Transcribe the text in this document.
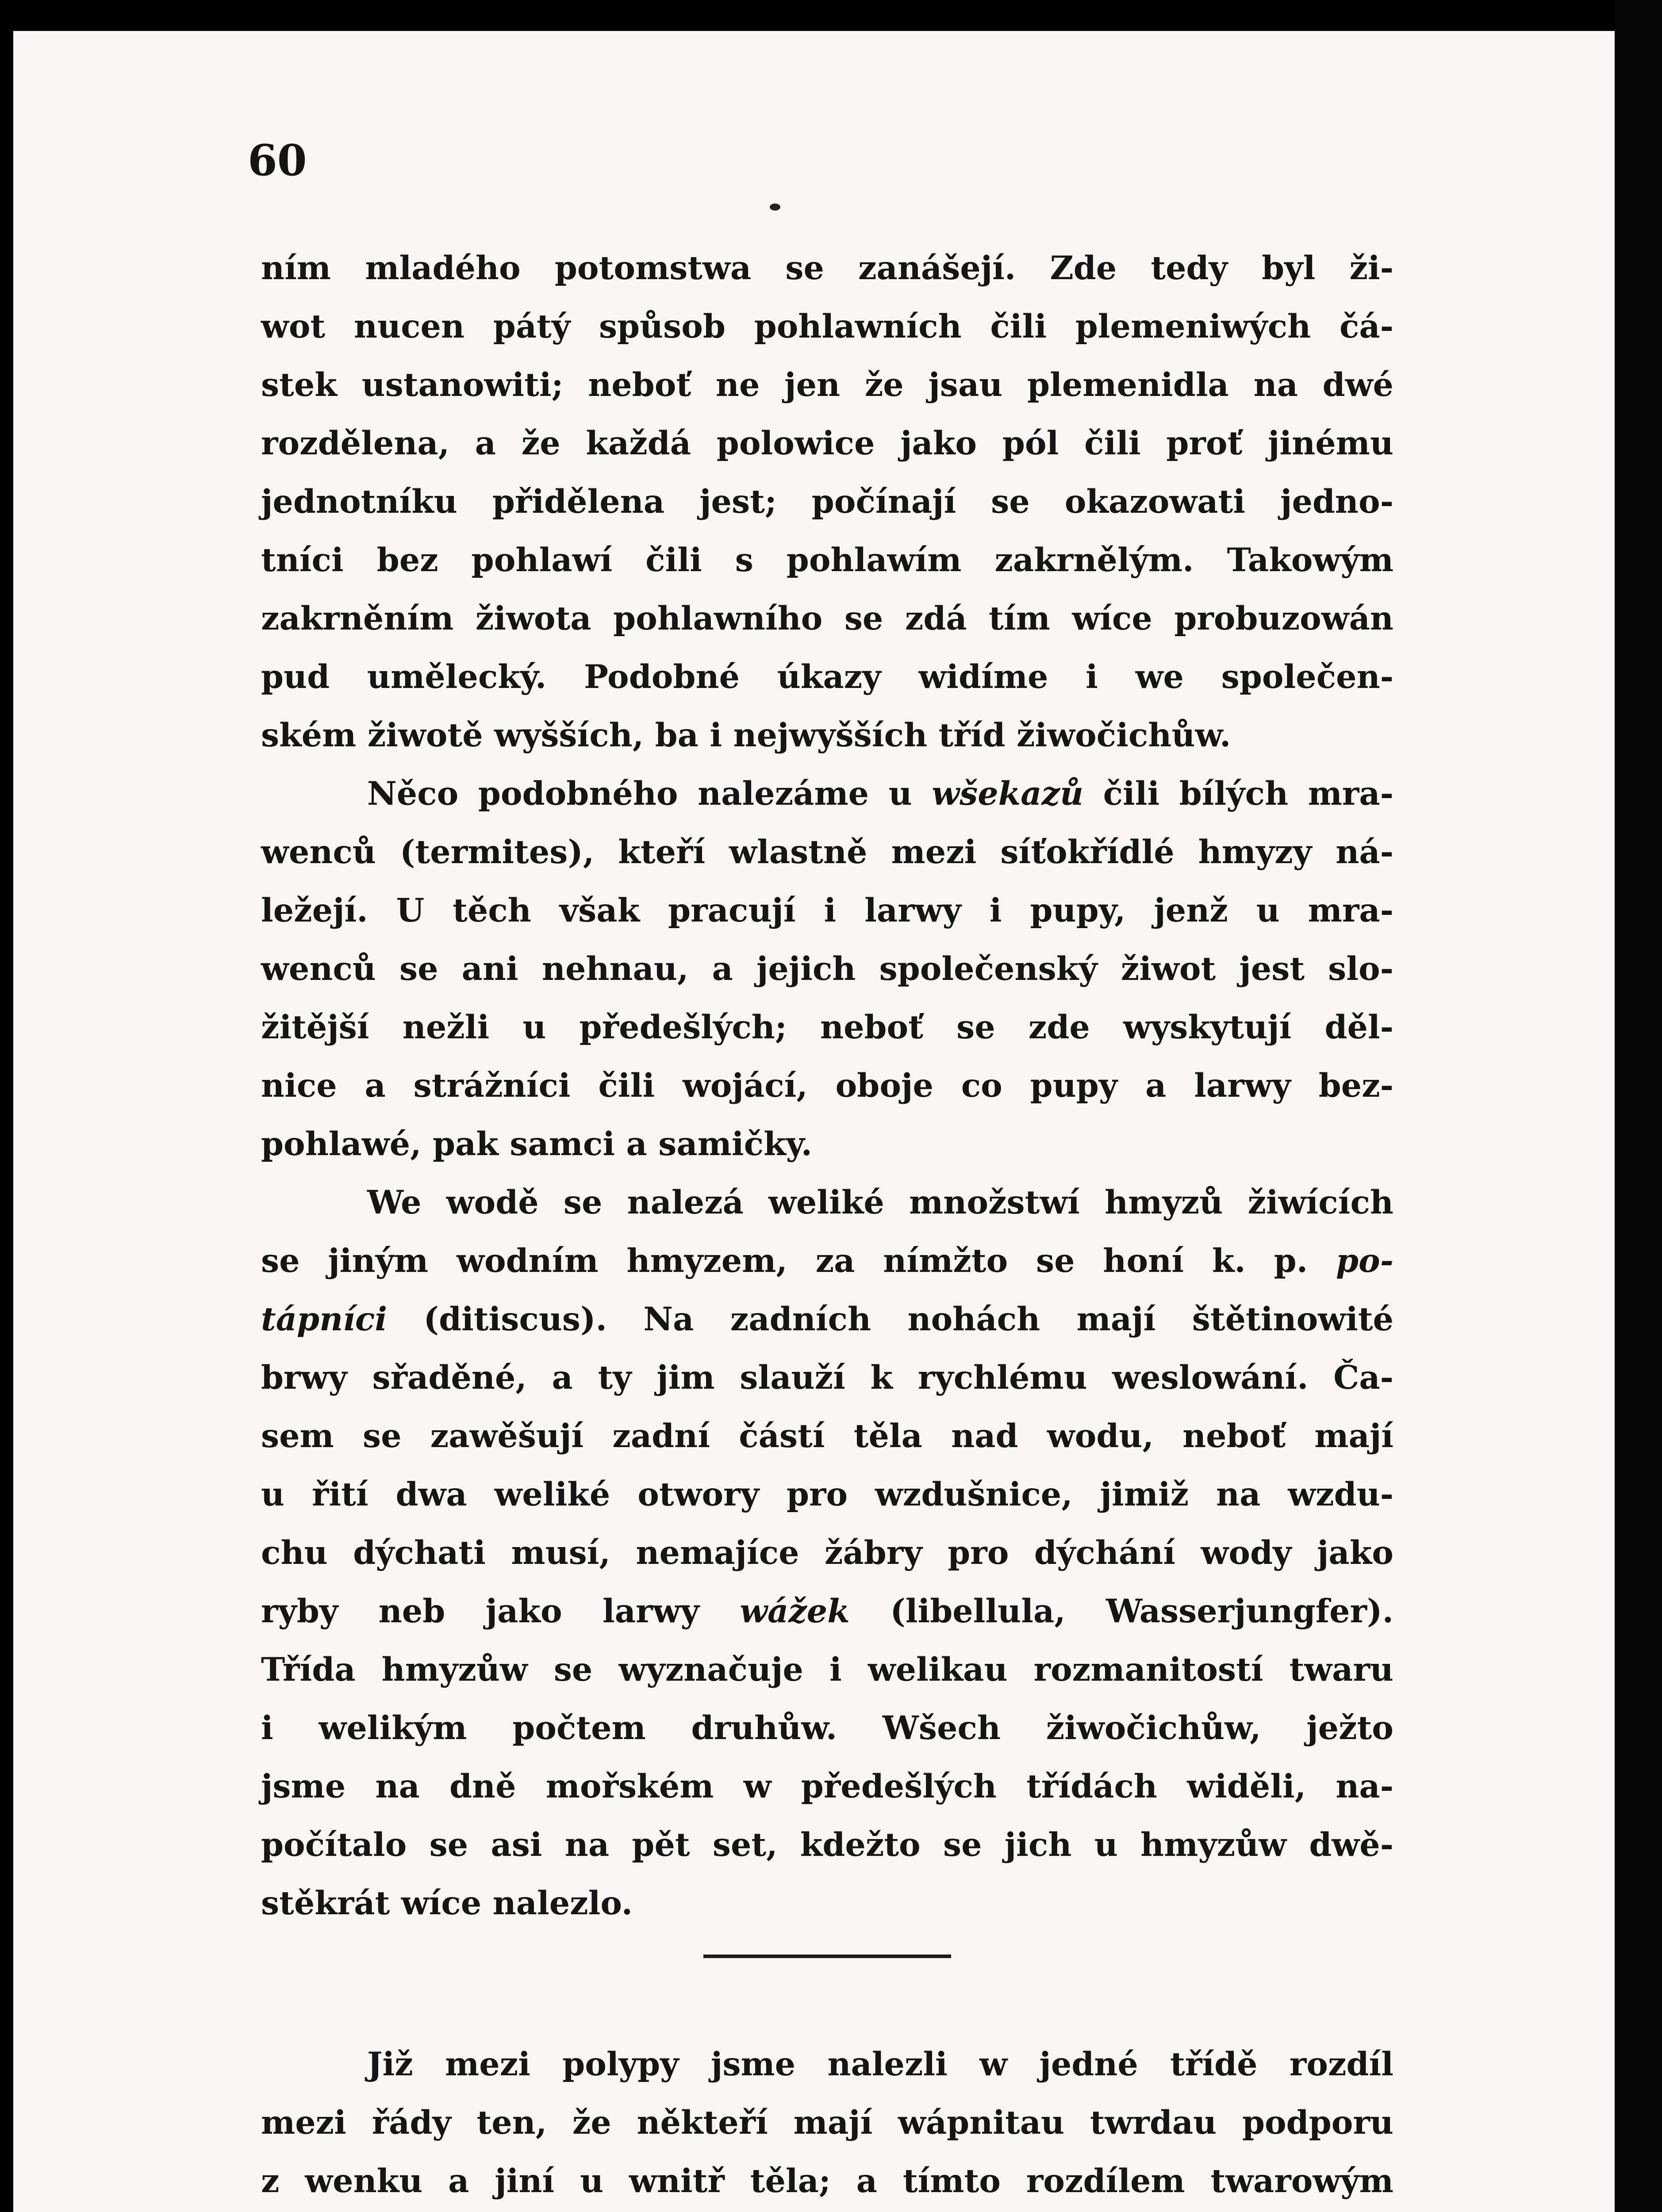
60
ním mladého potomstwa se zanášejí. Zde tedy byl ži-
wot nucen pátý spůsob pohlawních čili plemeniwých čá-
stek ustanowiti; neboť ne jen že jsau plemenidla na dwé
rozdělena, a že každá polowice jako pól čili proť jinému
jednotníku přidělena jest; počínají se okazowati jedno-
tníci bez pohlawí čili s pohlawím zakrnělým. Takowým
zakrněním žiwota pohlawního se zdá tím wíce probuzowán
pud umělecký. Podobné úkazy widíme i we společen-
ském žiwotě wyšších, ba i nejwyšších tříd žiwočichůw.
Něco podobného nalezáme u wšekazů čili bílých mra-
wenců (termites), kteří wlastně mezi síťokřídlé hmyzy ná-
ležejí. U těch však pracují i larwy i pupy, jenž u mra-
wenců se ani nehnau, a jejich společenský žiwot jest slo-
žitější nežli u předešlých; neboť se zde wyskytují děl-
nice a strážníci čili wojácí, oboje co pupy a larwy bez-
pohlawé, pak samci a samičky.
We wodě se nalezá weliké množstwí hmyzů žiwících
se jiným wodním hmyzem, za nímžto se honí k. p. po-
tápníci (ditiscus). Na zadních nohách mají štětinowité
brwy sřaděné, a ty jim slauží k rychlému weslowání. Ča-
sem se zawěšují zadní částí těla nad wodu, neboť mají
u řití dwa weliké otwory pro wzdušnice, jimiž na wzdu-
chu dýchati musí, nemajíce žábry pro dýchání wody jako
ryby neb jako larwy wážek (libellula, Wasserjungfer).
Třída hmyzůw se wyznačuje i welikau rozmanitostí twaru
i welikým počtem druhůw. Wšech žiwočichůw, ježto
jsme na dně mořském w předešlých třídách widěli, na-
počítalo se asi na pět set, kdežto se jich u hmyzůw dwě-
stěkrát wíce nalezlo.
Již mezi polypy jsme nalezli w jedné třídě rozdíl
mezi řády ten, že někteří mají wápnitau twrdau podporu
z wenku a jiní u wnitř těla; a tímto rozdílem twarowým
